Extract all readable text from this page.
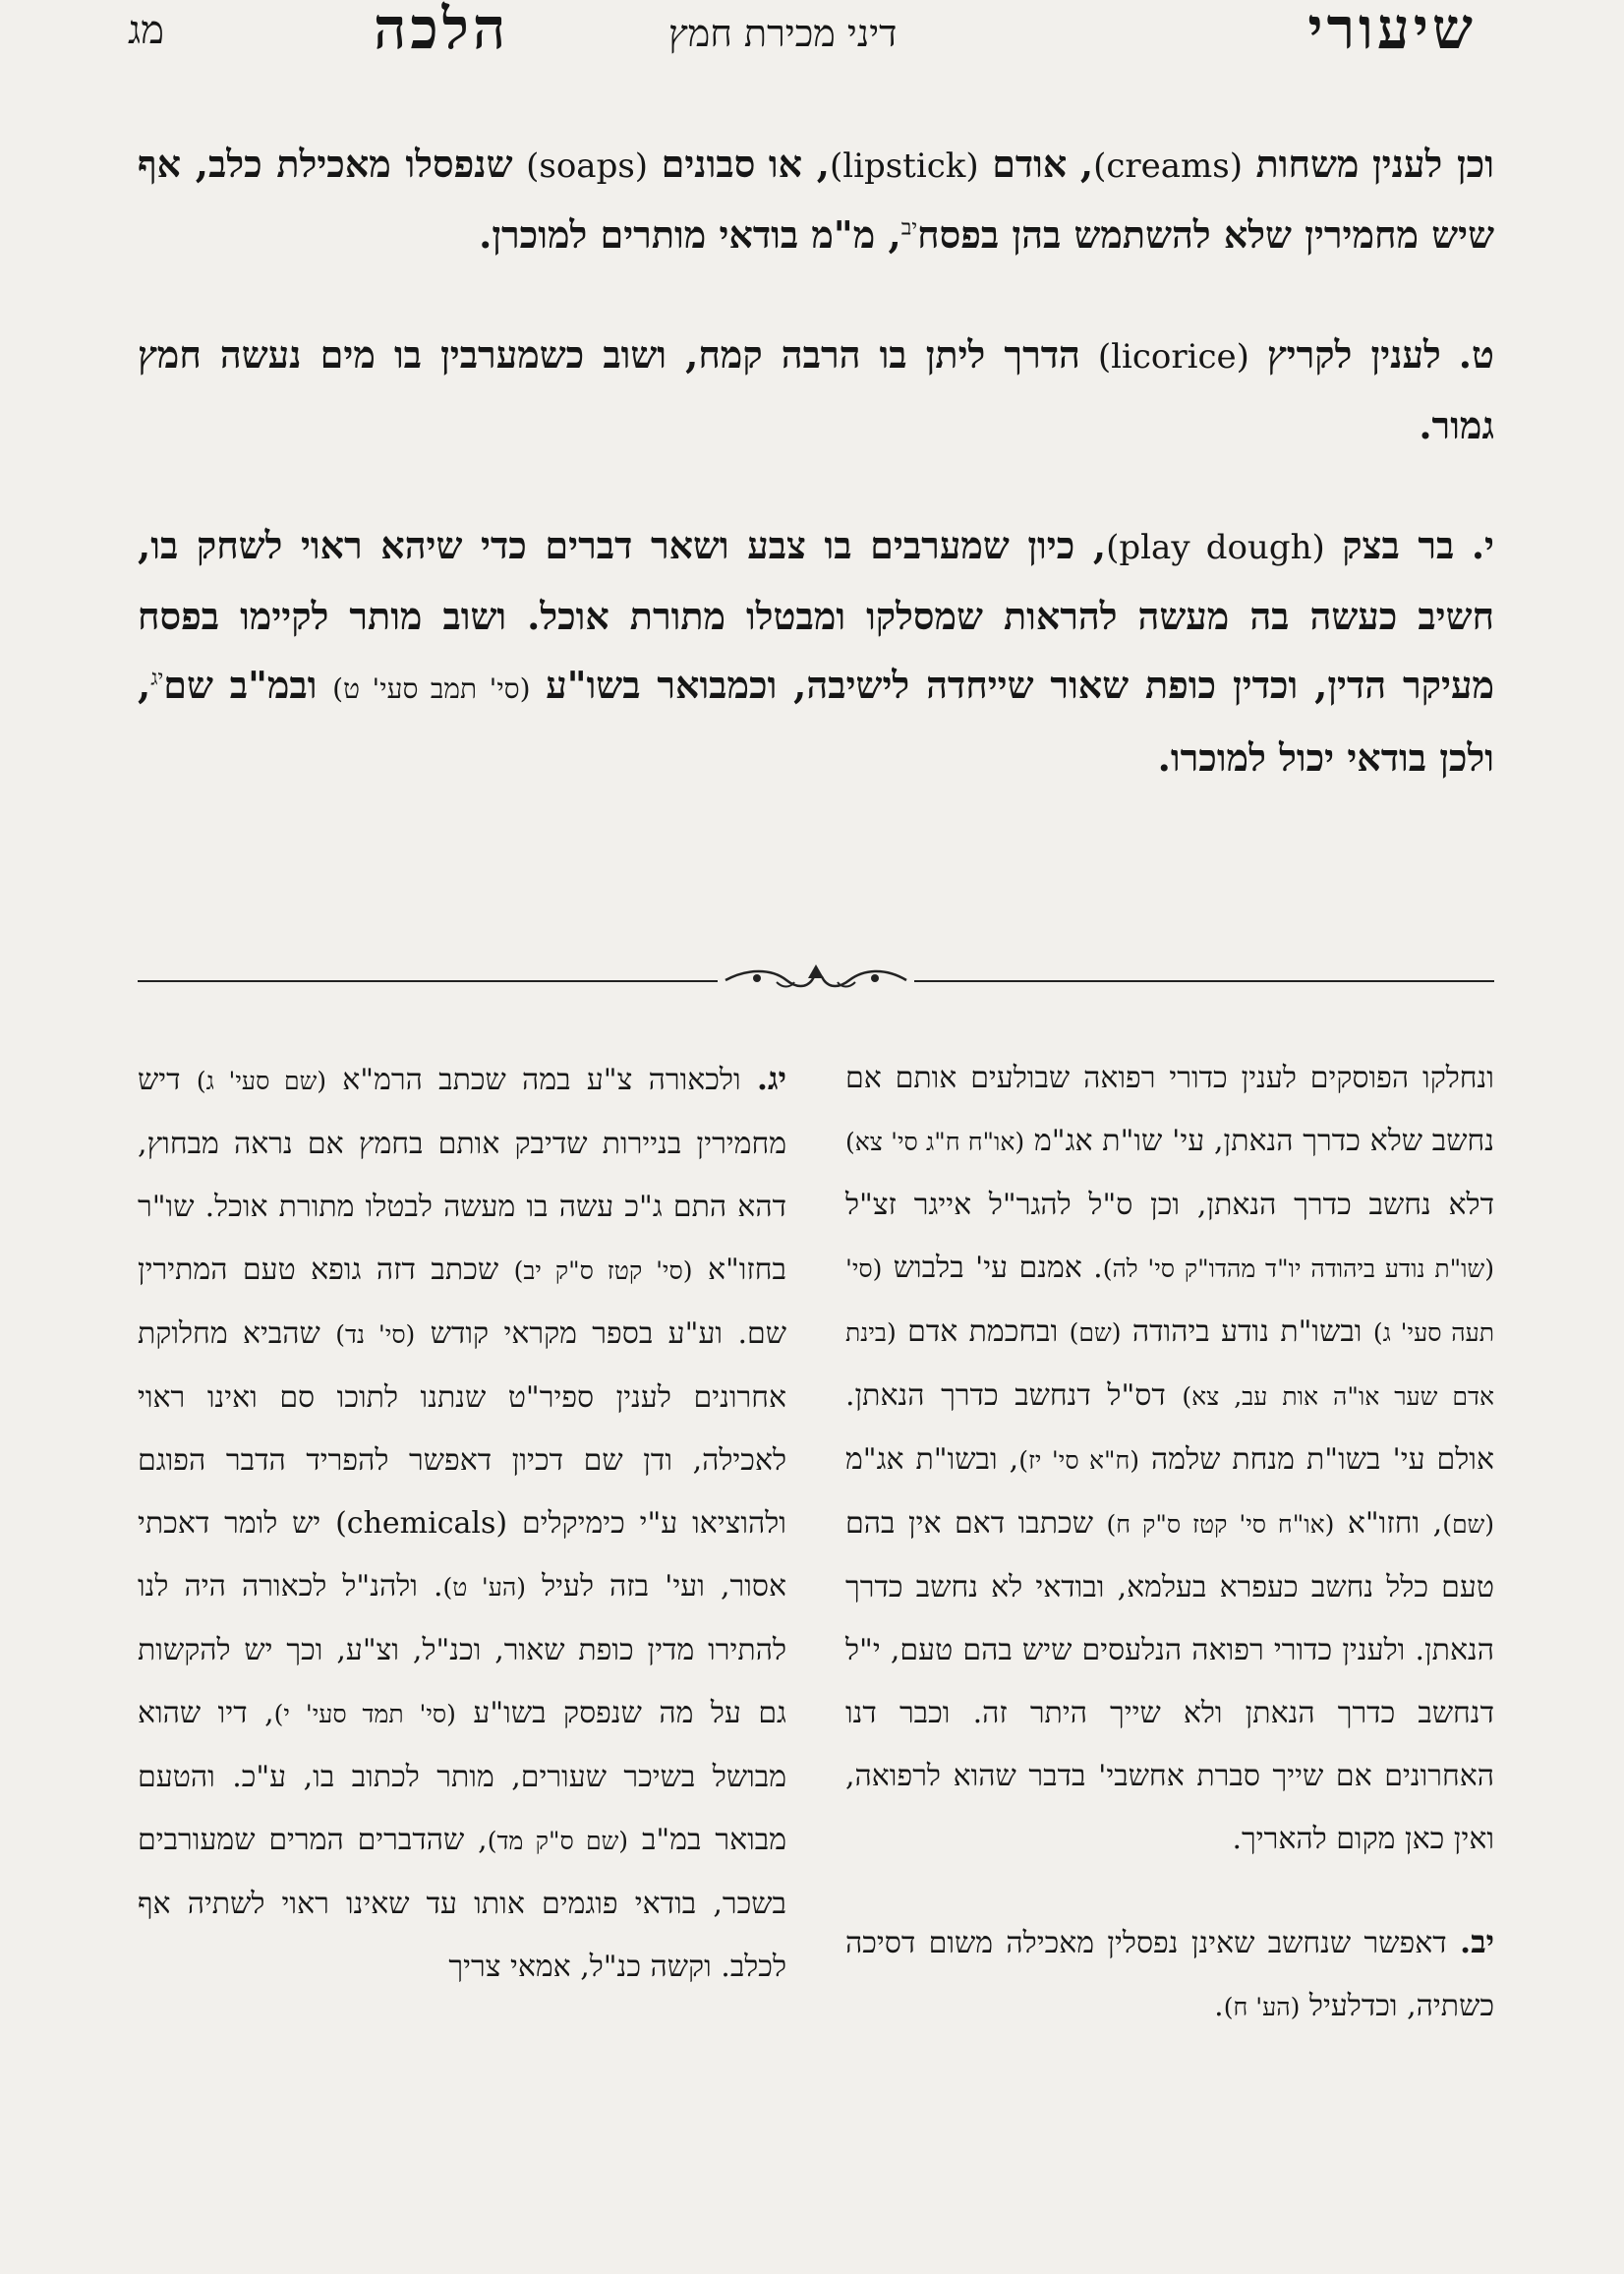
שיעורי
הלכה	דיני מכירת חמץ
מג

וכן לענין משחות (creams), אודם (lipstick), או סבונים (soaps) שנפסלו מאכילת כלב, אף שיש מחמירין שלא להשתמש בהן בפסח$^{יב}$, מ"מ בודאי מותרים למוכרן.

ט. לענין לקריץ (licorice) הדרך ליתן בו הרבה קמח, ושוב כשמערבין בו מים נעשה חמץ גמור.

י. בר בצק (play dough), כיון שמערבים בו צבע ושאר דברים כדי שיהא ראוי לשחק בו, חשיב כעשה בה מעשה להראות שמסלקו ומבטלו מתורת אוכל. ושוב מותר לקיימו בפסח מעיקר הדין, וכדין כופת שאור שייחדה לישיבה, וכמבואר בשו"ע (סי' תמב סעי' ט) ובמ"ב שם$^{יג}$, ולכן בודאי יכול למוכרו.

ונחלקו הפוסקים לענין כדורי רפואה שבולעים אותם אם נחשב שלא כדרך הנאתן, עי' שו"ת אג"מ (או"ח ח"ג סי' צא) דלא נחשב כדרך הנאתן, וכן ס"ל להגר"ל אייגר זצ"ל (שו"ת נודע ביהודה יו"ד מהדו"ק סי' לה). אמנם עי' בלבוש (סי' תעה סעי' ג) ובשו"ת נודע ביהודה (שם) ובחכמת אדם (בינת אדם שער או"ה אות עב, צא) דס"ל דנחשב כדרך הנאתן. אולם עי' בשו"ת מנחת שלמה (ח"א סי' יז), ובשו"ת אג"מ (שם), וחזו"א (או"ח סי' קטז ס"ק ח) שכתבו דאם אין בהם טעם כלל נחשב כעפרא בעלמא, ובודאי לא נחשב כדרך הנאתן. ולענין כדורי רפואה הנלעסים שיש בהם טעם, י"ל דנחשב כדרך הנאתן ולא שייך היתר זה. וכבר דנו האחרונים אם שייך סברת אחשבי' בדבר שהוא לרפואה, ואין כאן מקום להאריך.

יב. דאפשר שנחשב שאינן נפסלין מאכילה משום דסיכה כשתיה, וכדלעיל (הע' ח).

יג. ולכאורה צ"ע במה שכתב הרמ"א (שם סעי' ג) דיש מחמירין בניירות שדיבק אותם בחמץ אם נראה מבחוץ, דהא התם ג"כ עשה בו מעשה לבטלו מתורת אוכל. שו"ר בחזו"א (סי' קטז ס"ק יב) שכתב דזה גופא טעם המתירין שם. וע"ע בספר מקראי קודש (סי' נד) שהביא מחלוקת אחרונים לענין ספיר"ט שנתנו לתוכו סם ואינו ראוי לאכילה, ודן שם דכיון דאפשר להפריד הדבר הפוגם ולהוציאו ע"י כימיקלים (chemicals) יש לומר דאכתי אסור, ועי' בזה לעיל (הע' ט). ולהנ"ל לכאורה היה לנו להתירו מדין כופת שאור, וכנ"ל, וצ"ע, וכך יש להקשות גם על מה שנפסק בשו"ע (סי' תמד סעי' י), דיו שהוא מבושל בשיכר שעורים, מותר לכתוב בו, ע"כ. והטעם מבואר במ"ב (שם ס"ק מד), שהדברים המרים שמעורבים בשכר, בודאי פוגמים אותו עד שאינו ראוי לשתיה אף לכלב. וקשה כנ"ל, אמאי צריך
